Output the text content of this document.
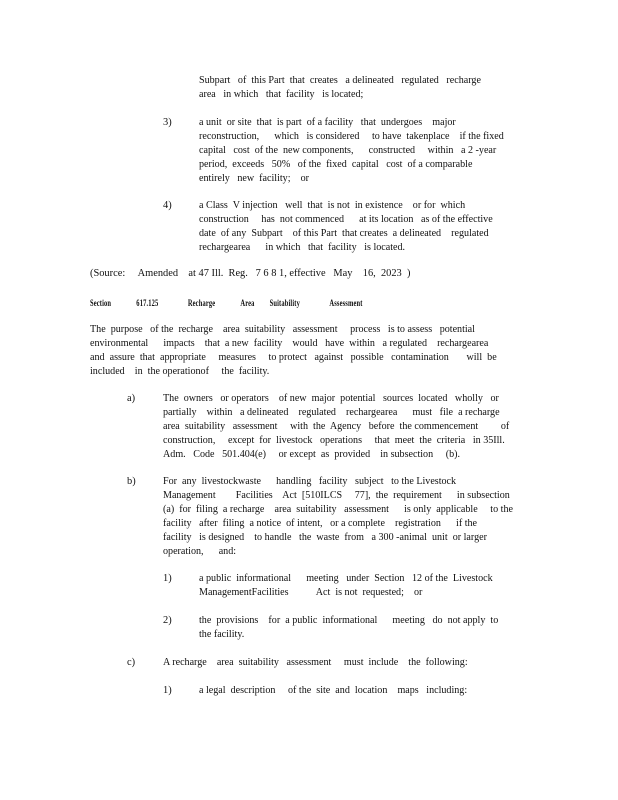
Subpart   of  this Part  that  creates   a delineated   regulated   recharge
area   in which   that  facility   is located;
3)	a unit  or site  that  is part  of a facility   that  undergoes    major
reconstruction,      which   is considered     to have  takenplace    if the fixed
capital   cost  of the  new components,      constructed     within   a 2 -year
period,  exceeds   50%   of the  fixed  capital   cost  of a comparable
entirely   new  facility;    or
4)	a Class  V injection   well  that  is not  in existence    or for  which
construction     has  not commenced      at its location   as of the effective
date  of any  Subpart    of this Part  that creates  a delineated    regulated
rechargearea      in which   that  facility   is located.
(Source:     Amended    at 47 Ill.  Reg.   7 6 8 1, effective   May    16,  2023  )
Section	617.125	Recharge	Area Suitability	Assessment
The  purpose   of the  recharge    area  suitability   assessment     process   is to assess   potential
environmental      impacts    that  a new  facility    would   have  within   a regulated    rechargearea
and  assure  that  appropriate     measures     to protect   against   possible   contamination       will  be
included    in  the operationof     the  facility.
a)	The  owners   or operators    of new  major  potential   sources  located   wholly   or
partially    within   a delineated    regulated    rechargearea      must   file  a recharge
area  suitability   assessment     with  the  Agency   before  the commencement         of
construction,     except  for  livestock   operations     that  meet  the  criteria   in 35Ill.
Adm.   Code   501.404(e)     or except  as  provided    in subsection     (b).
b)	For  any  livestockwaste      handling   facility   subject   to the Livestock
Management        Facilities    Act  [510ILCS     77],  the  requirement      in subsection
(a)  for  filing  a recharge    area  suitability   assessment      is only  applicable     to the
facility   after  filing  a notice  of intent,   or a complete    registration      if the
facility   is designed    to handle   the  waste  from   a 300 -animal  unit  or larger
operation,      and:
1)	a public  informational      meeting   under  Section   12 of the  Livestock
ManagementFacilities           Act  is not  requested;    or
2)	the  provisions    for  a public  informational      meeting   do  not apply  to
the facility.
c)	A recharge    area  suitability   assessment     must  include    the  following:
1)	a legal  description     of the  site  and  location    maps   including:
